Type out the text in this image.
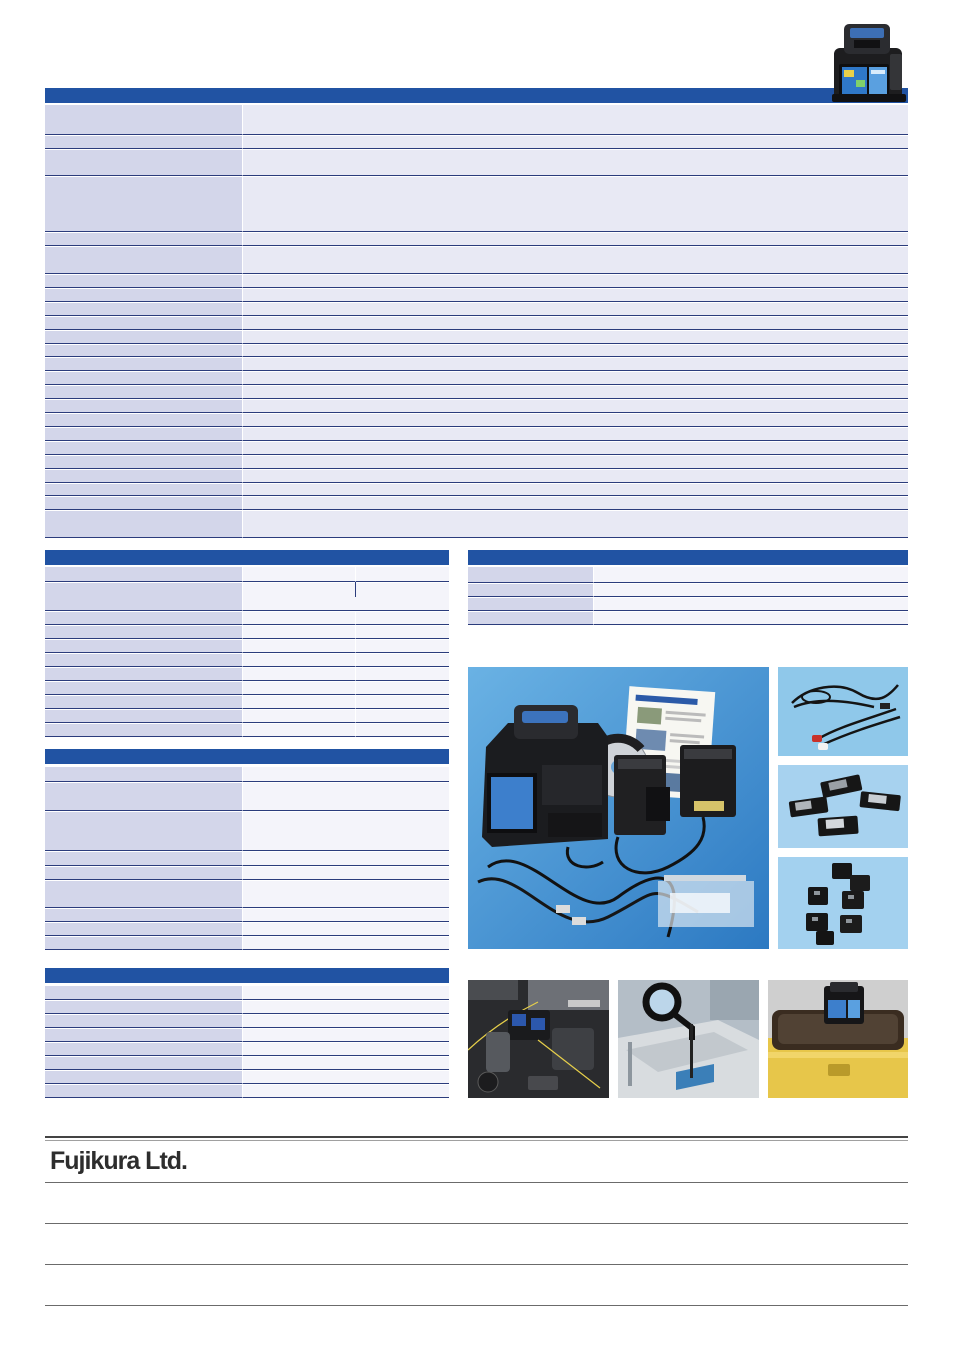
Fujikura Ltd.
